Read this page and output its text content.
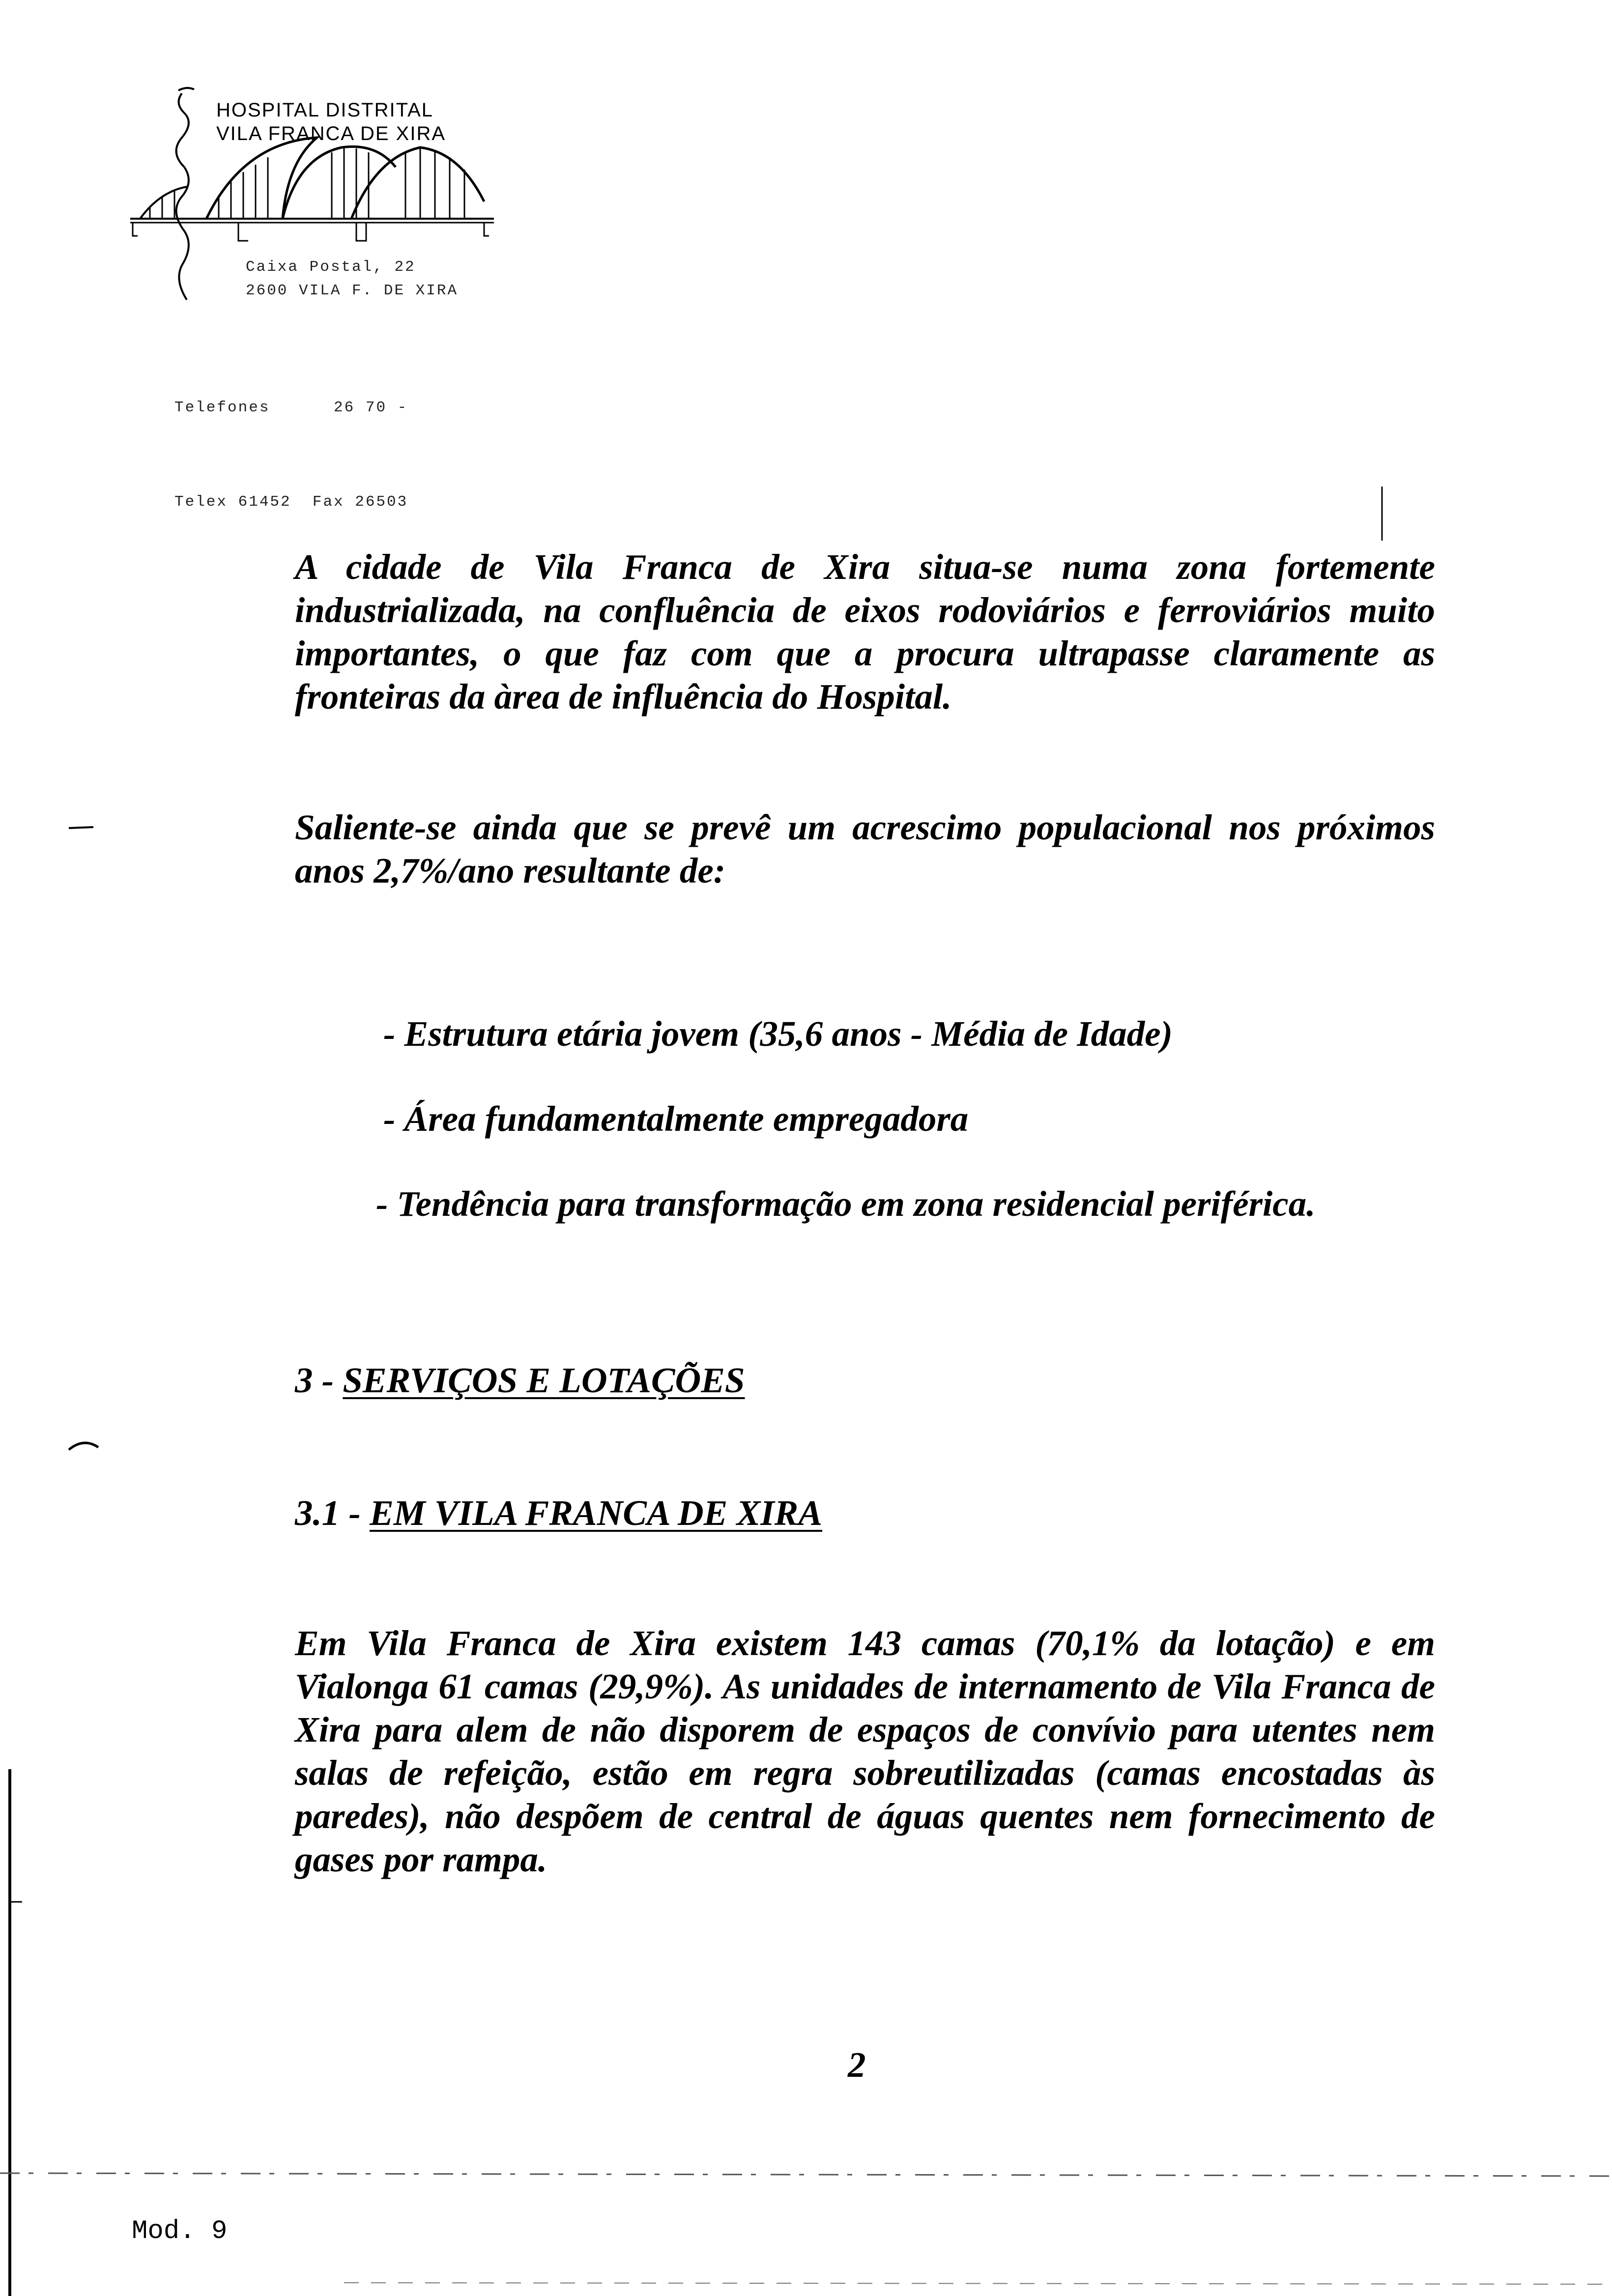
HOSPITAL DISTRITAL
VILA FRANCA DE XIRA
Caixa Postal, 22
2600 VILA F. DE XIRA

Telefones      26 70 -

Telex 61452  Fax 26503

A cidade de Vila Franca de Xira situa-se numa zona fortemente industrializada, na confluência de eixos rodoviários e ferroviários muito importantes, o que faz com que a procura ultrapasse claramente as fronteiras da àrea de influência do Hospital.
Saliente-se ainda que se prevê um acrescimo populacional nos próximos anos 2,7%/ano resultante de:
- Estrutura etária jovem (35,6 anos - Média de Idade)
- Área fundamentalmente empregadora
- Tendência para transformação em zona residencial periférica.
3 - SERVIÇOS E LOTAÇÕES
3.1 - EM VILA FRANCA DE XIRA
Em Vila Franca de Xira existem 143 camas (70,1% da lotação) e em Vialonga 61 camas (29,9%). As unidades de internamento de Vila Franca de Xira para alem de não disporem de espaços de convívio para utentes nem salas de refeição, estão em regra sobreutilizadas (camas encostadas às paredes), não despõem de central de águas quentes nem fornecimento de gases por rampa.
2
Mod. 9
